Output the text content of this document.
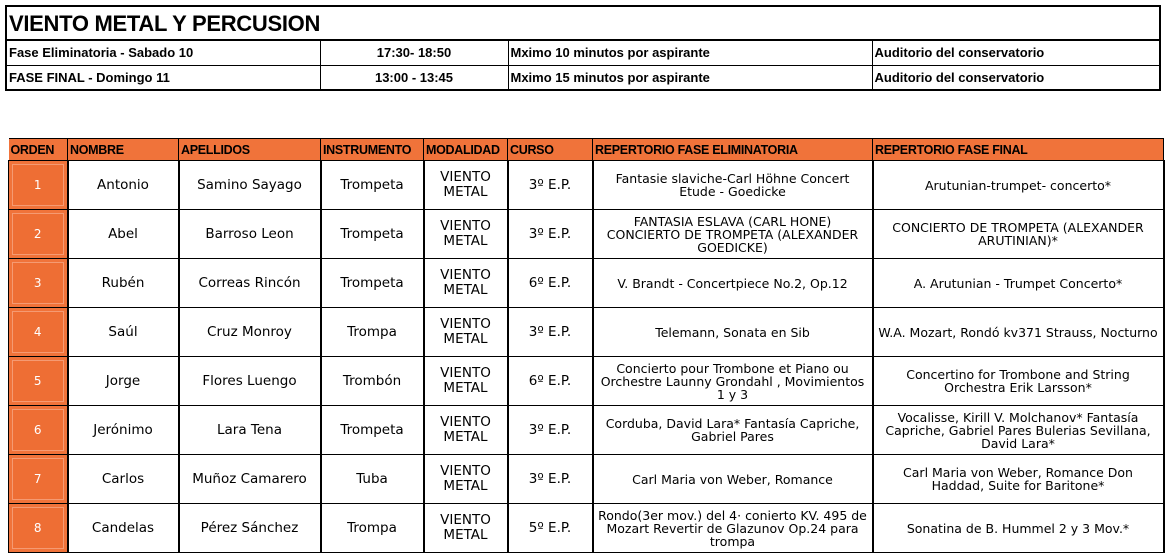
VIENTO METAL Y PERCUSION
Fase Eliminatoria - Sabado 10	17:30- 18:50	Mximo 10 minutos por aspirante	Auditorio del conservatorio
FASE FINAL - Domingo 11	13:00 - 13:45	Mximo 15 minutos por aspirante	Auditorio del conservatorio
ORDEN	NOMBRE	APELLIDOS	INSTRUMENTO	MODALIDAD	CURSO	REPERTORIO FASE ELIMINATORIA	REPERTORIO FASE FINAL

1	Antonio	Samino Sayago	Trompeta	VIENTO METAL	3º E.P.	Fantasie slaviche-Carl Höhne Concert Etude - Goedicke	Arutunian-trumpet- concerto*

2	Abel	Barroso Leon	Trompeta	VIENTO METAL	3º E.P.	FANTASIA ESLAVA (CARL HONE) CONCIERTO DE TROMPETA (ALEXANDER GOEDICKE)	CONCIERTO DE TROMPETA (ALEXANDER ARUTINIAN)*

3	Rubén	Correas Rincón	Trompeta	VIENTO METAL	6º E.P.	V. Brandt - Concertpiece No.2, Op.12	A. Arutunian - Trumpet Concerto*

4	Saúl	Cruz Monroy	Trompa	VIENTO METAL	3º E.P.	Telemann, Sonata en Sib	W.A. Mozart, Rondó kv371 Strauss, Nocturno

5	Jorge	Flores Luengo	Trombón	VIENTO METAL	6º E.P.	Concierto pour Trombone et Piano ou Orchestre Launny Grondahl , Movimientos 1 y 3	Concertino for Trombone and String Orchestra Erik Larsson*

6	Jerónimo	Lara Tena	Trompeta	VIENTO METAL	3º E.P.	Corduba, David Lara* Fantasía Capriche, Gabriel Pares	Vocalisse, Kirill V. Molchanov* Fantasía Capriche, Gabriel Pares Bulerias Sevillana, David Lara*

7	Carlos	Muñoz Camarero	Tuba	VIENTO METAL	3º E.P.	Carl Maria von Weber, Romance	Carl Maria von Weber, Romance Don Haddad, Suite for Baritone*

8	Candelas	Pérez Sánchez	Trompa	VIENTO METAL	5º E.P.	Rondo(3er mov.) del 4· conierto KV. 495 de Mozart Revertir de Glazunov Op.24 para trompa	Sonatina de B. Hummel 2 y 3 Mov.*
